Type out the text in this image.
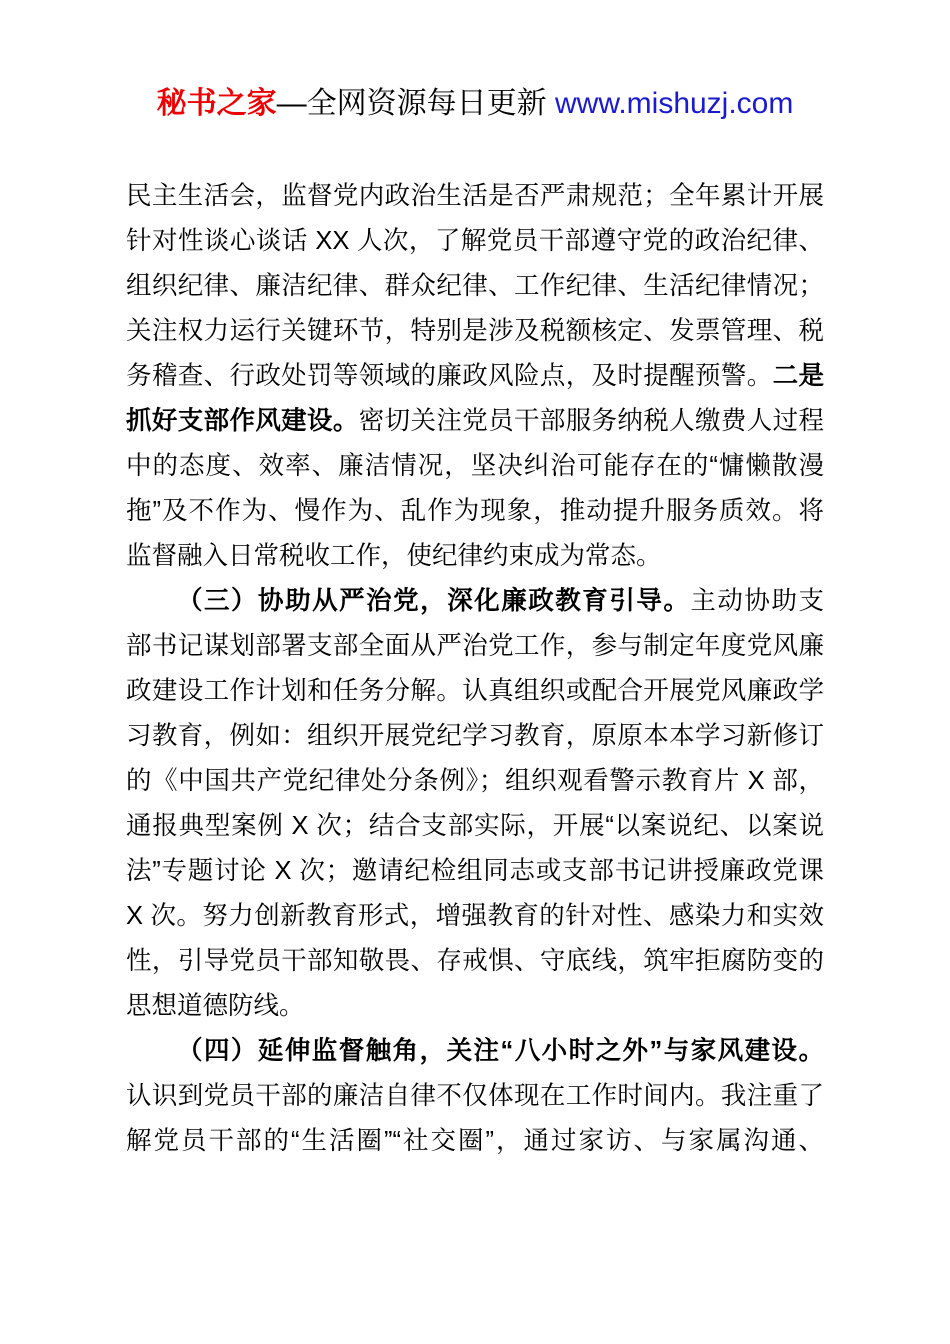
秘书之家—全网资源每日更新 www.mishuzj.com
民主生活会，监督党内政治生活是否严肃规范；全年累计开展
针对性谈心谈话 XX 人次，了解党员干部遵守党的政治纪律、
组织纪律、廉洁纪律、群众纪律、工作纪律、生活纪律情况；
关注权力运行关键环节，特别是涉及税额核定、发票管理、税
务稽查、行政处罚等领域的廉政风险点，及时提醒预警。二是
抓好支部作风建设。密切关注党员干部服务纳税人缴费人过程
中的态度、效率、廉洁情况，坚决纠治可能存在的“慵懒散漫
拖”及不作为、慢作为、乱作为现象，推动提升服务质效。将
监督融入日常税收工作，使纪律约束成为常态。
（三）协助从严治党，深化廉政教育引导。主动协助支
部书记谋划部署支部全面从严治党工作，参与制定年度党风廉
政建设工作计划和任务分解。认真组织或配合开展党风廉政学
习教育，例如：组织开展党纪学习教育，原原本本学习新修订
的《中国共产党纪律处分条例》；组织观看警示教育片 X 部，
通报典型案例 X 次；结合支部实际，开展“以案说纪、以案说
法”专题讨论 X 次；邀请纪检组同志或支部书记讲授廉政党课
X 次。努力创新教育形式，增强教育的针对性、感染力和实效
性，引导党员干部知敬畏、存戒惧、守底线，筑牢拒腐防变的
思想道德防线。
（四）延伸监督触角，关注“八小时之外”与家风建设。
认识到党员干部的廉洁自律不仅体现在工作时间内。我注重了
解党员干部的“生活圈”“社交圈”，通过家访、与家属沟通、
